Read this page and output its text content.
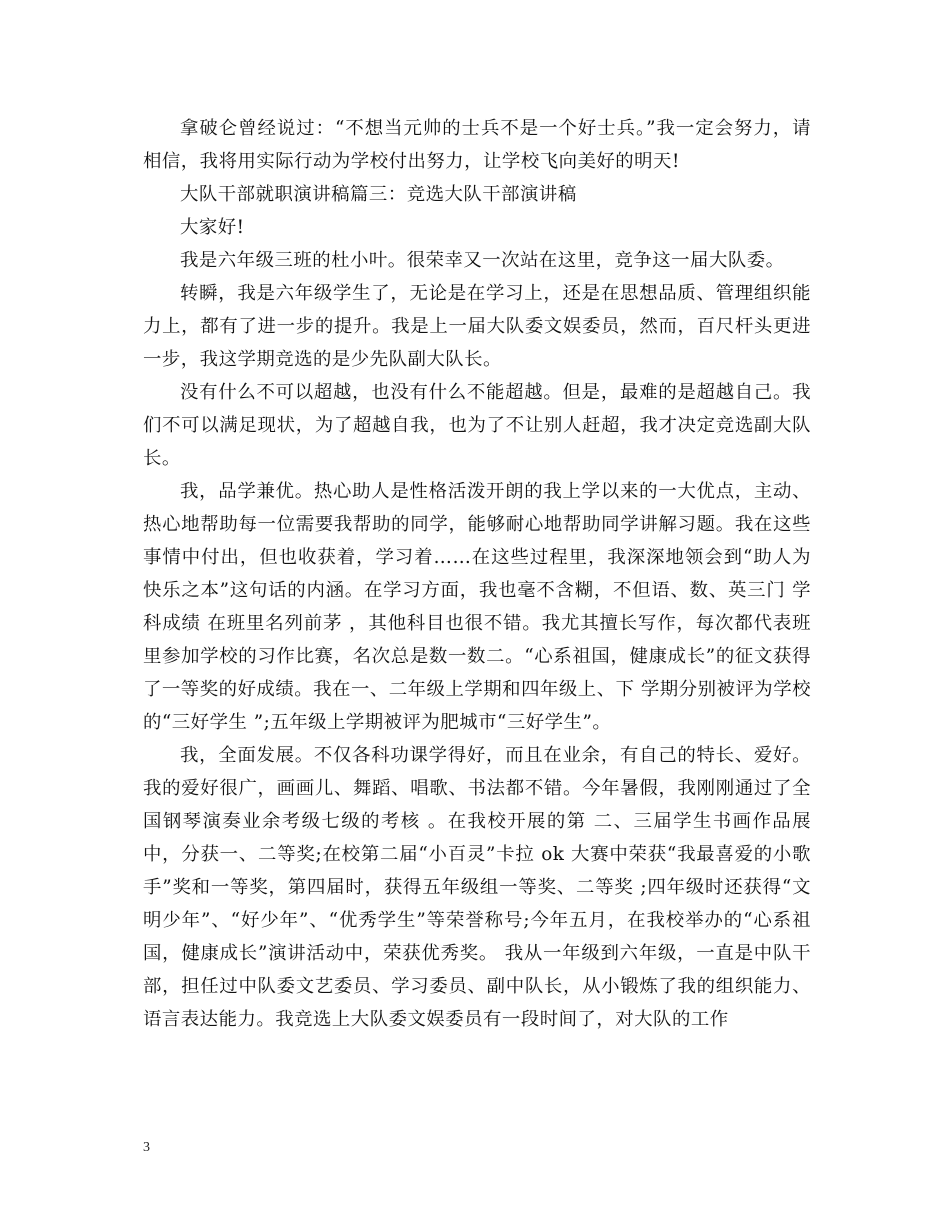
拿破仑曾经说过：“不想当元帅的士兵不是一个好士兵。”我一定会努力，请相信，我将用实际行动为学校付出努力，让学校飞向美好的明天!

大队干部就职演讲稿篇三：竞选大队干部演讲稿

大家好!

我是六年级三班的杜小叶。很荣幸又一次站在这里，竞争这一届大队委。

转瞬，我是六年级学生了，无论是在学习上，还是在思想品质、管理组织能力上，都有了进一步的提升。我是上一届大队委文娱委员，然而，百尺杆头更进一步，我这学期竞选的是少先队副大队长。

没有什么不可以超越，也没有什么不能超越。但是，最难的是超越自己。我们不可以满足现状，为了超越自我，也为了不让别人赶超，我才决定竞选副大队长。

我，品学兼优。热心助人是性格活泼开朗的我上学以来的一大优点，主动、热心地帮助每一位需要我帮助的同学，能够耐心地帮助同学讲解习题。我在这些事情中付出，但也收获着，学习着……在这些过程里，我深深地领会到“助人为快乐之本”这句话的内涵。在学习方面，我也毫不含糊，不但语、数、英三门 学科成绩 在班里名列前茅 ，其他科目也很不错。我尤其擅长写作，每次都代表班里参加学校的习作比赛，名次总是数一数二。“心系祖国，健康成长”的征文获得了一等奖的好成绩。我在一、二年级上学期和四年级上、下 学期分别被评为学校的“三好学生 ”;五年级上学期被评为肥城市“三好学生”。

我，全面发展。不仅各科功课学得好，而且在业余，有自己的特长、爱好。我的爱好很广，画画儿、舞蹈、唱歌、书法都不错。今年暑假，我刚刚通过了全国钢琴演奏业余考级七级的考核 。在我校开展的第 二、三届学生书画作品展中，分获一、二等奖;在校第二届“小百灵”卡拉 ok 大赛中荣获“我最喜爱的小歌手”奖和一等奖，第四届时，获得五年级组一等奖、二等奖 ;四年级时还获得“文明少年”、“好少年”、“优秀学生”等荣誉称号;今年五月，在我校举办的“心系祖国，健康成长”演讲活动中，荣获优秀奖。 我从一年级到六年级，一直是中队干部，担任过中队委文艺委员、学习委员、副中队长，从小锻炼了我的组织能力、语言表达能力。我竞选上大队委文娱委员有一段时间了，对大队的工作

3
